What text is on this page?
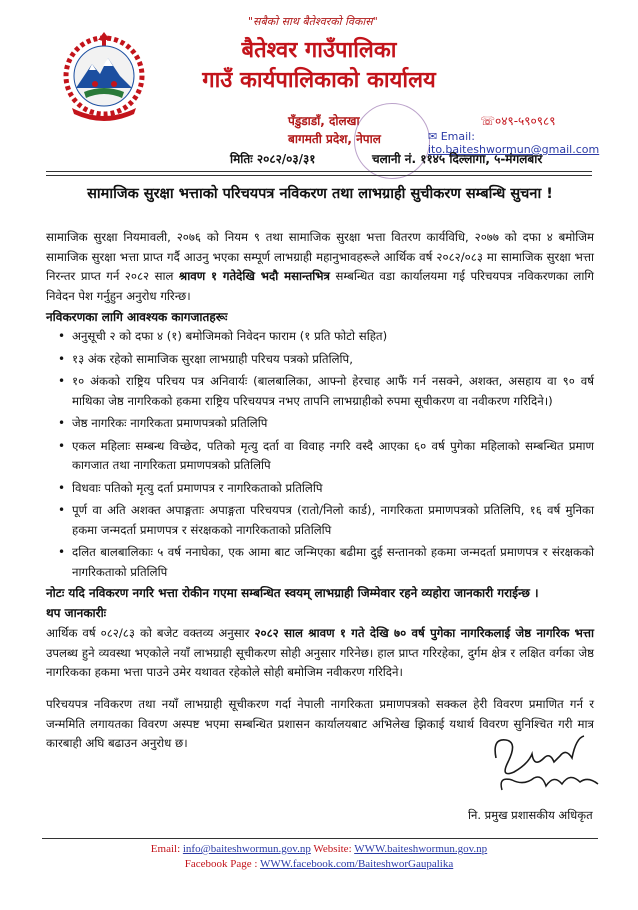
"सबैको साथ बैतेश्वरको विकास"
बैतेश्वर गाउँपालिका
गाउँ कार्यपालिकाको कार्यालय
पँडुडाडाँ, दोलखा
बागमती प्रदेश, नेपाल
☏०४९-५९०९८९
✉ Email: ito.baiteshwormun@gmail.com
मितिः २०८२/०३/३१	चलानी नं. ११४५ दिल्लागा, ५-मंगलबार
सामाजिक सुरक्षा भत्ताको परिचयपत्र नविकरण तथा लाभग्राही सुचीकरण सम्बन्धि सुचना !
सामाजिक सुरक्षा नियमावली, २०७६ को नियम ९ तथा सामाजिक सुरक्षा भत्ता वितरण कार्यविधि, २०७७ को दफा ४ बमोजिम सामाजिक सुरक्षा भत्ता प्राप्त गर्दै आउनु भएका सम्पूर्ण लाभग्राही महानुभावहरूले आर्थिक वर्ष २०८२/०८३ मा सामाजिक सुरक्षा भत्ता निरन्तर प्राप्त गर्न २०८२ साल श्रावण १ गतेदेखि भदौ मसान्तभित्र सम्बन्धित वडा कार्यालयमा गई परिचयपत्र नविकरणका लागि निवेदन पेश गर्नुहुन अनुरोध गरिन्छ।
नविकरणका लागि आवश्यक कागजातहरूः
• अनुसूची २ को दफा ४ (१) बमोजिमको निवेदन फाराम (१ प्रति फोटो सहित)
• १३ अंक रहेको सामाजिक सुरक्षा लाभग्राही परिचय पत्रको प्रतिलिपि,
• १० अंकको राष्ट्रिय परिचय पत्र अनिवार्यः (बालबालिका, आफ्नो हेरचाह आफैं गर्न नसक्ने, अशक्त, असहाय वा ९० वर्ष माथिका जेष्ठ नागरिकको हकमा राष्ट्रिय परिचयपत्र नभए तापनि लाभग्राहीको रुपमा सूचीकरण वा नवीकरण गरिदिने।)
• जेष्ठ नागरिकः नागरिकता प्रमाणपत्रको प्रतिलिपि
• एकल महिलाः सम्बन्ध विच्छेद, पतिको मृत्यु दर्ता वा विवाह नगरि वस्दै आएका ६० वर्ष पुगेका महिलाको सम्बन्धित प्रमाण कागजात तथा नागरिकता प्रमाणपत्रको प्रतिलिपि
• विधवाः पतिको मृत्यु दर्ता प्रमाणपत्र र नागरिकताको प्रतिलिपि
• पूर्ण वा अति अशक्त अपाङ्गताः अपाङ्गता परिचयपत्र (रातो/निलो कार्ड), नागरिकता प्रमाणपत्रको प्रतिलिपि, १६ वर्ष मुनिका हकमा जन्मदर्ता प्रमाणपत्र र संरक्षकको नागरिकताको प्रतिलिपि
• दलित बालबालिकाः ५ वर्ष ननाघेका, एक आमा बाट जन्मिएका बढीमा दुई सन्तानको हकमा जन्मदर्ता प्रमाणपत्र र संरक्षकको नागरिकताको प्रतिलिपि
नोटः यदि नविकरण नगरि भत्ता रोकीन गएमा सम्बन्धित स्वयम् लाभग्राही जिम्मेवार रहने व्यहोरा जानकारी गराईन्छ ।
थप जानकारीः
आर्थिक वर्ष ०८२/८३ को बजेट वक्तव्य अनुसार २०८२ साल श्रावण १ गते देखि ७० वर्ष पुगेका नागरिकलाई जेष्ठ नागरिक भत्ता उपलब्ध हुने व्यवस्था भएकोले नयाँ लाभग्राही सूचीकरण सोही अनुसार गरिनेछ। हाल प्राप्त गरिरहेका, दुर्गम क्षेत्र र लक्षित वर्गका जेष्ठ नागरिकका हकमा भत्ता पाउने उमेर यथावत रहेकोले सोही बमोजिम नवीकरण गरिदिने।
परिचयपत्र नविकरण तथा नयाँ लाभग्राही सूचीकरण गर्दा नेपाली नागरिकता प्रमाणपत्रको सक्कल हेरी विवरण प्रमाणित गर्न र जन्ममिति लगायतका विवरण अस्पष्ट भएमा सम्बन्धित प्रशासन कार्यालयबाट अभिलेख झिकाई यथार्थ विवरण सुनिश्चित गरी मात्र कारबाही अघि बढाउन अनुरोध छ।
नि. प्रमुख प्रशासकीय अधिकृत
Email: info@baiteshwormun.gov.np Website: WWW.baiteshwormun.gov.np
Facebook Page : WWW.facebook.com/BaiteshworGaupalika
